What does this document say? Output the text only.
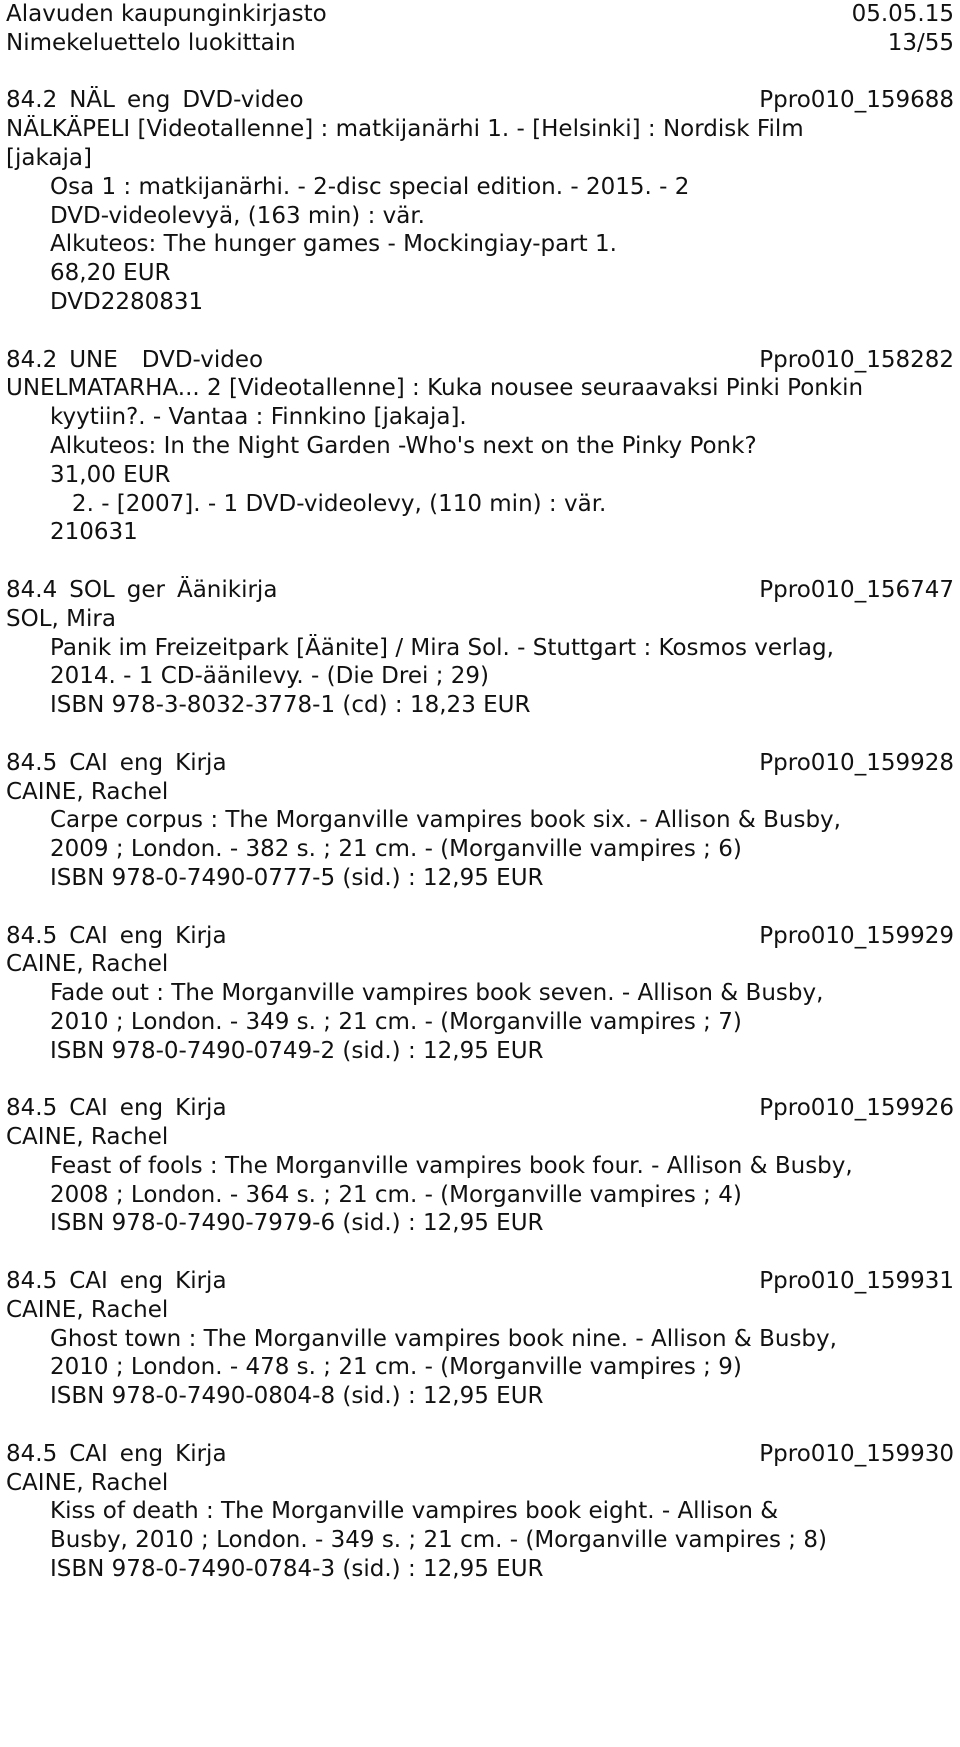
Alavuden kaupunginkirjasto	05.05.15
Nimekeluettelo luokittain	13/55
84.2 NÄL eng DVD-video	Ppro010_159688
NÄLKÄPELI [Videotallenne] : matkijanärhi 1. - [Helsinki] : Nordisk Film
[jakaja]
Osa 1 : matkijanärhi. - 2-disc special edition. - 2015. - 2
DVD-videolevyä, (163 min) : vär.
Alkuteos: The hunger games - Mockingiay-part 1.
68,20 EUR
DVD2280831
84.2 UNE DVD-video	Ppro010_158282
UNELMATARHA... 2 [Videotallenne] : Kuka nousee seuraavaksi Pinki Ponkin
kyytiin?. - Vantaa : Finnkino [jakaja].
Alkuteos: In the Night Garden -Who's next on the Pinky Ponk?
31,00 EUR
2. - [2007]. - 1 DVD-videolevy, (110 min) : vär.
210631
84.4 SOL ger Äänikirja	Ppro010_156747
SOL, Mira
Panik im Freizeitpark [Äänite] / Mira Sol. - Stuttgart : Kosmos verlag,
2014. - 1 CD-äänilevy. - (Die Drei ; 29)
ISBN 978-3-8032-3778-1 (cd) : 18,23 EUR
84.5 CAI eng Kirja	Ppro010_159928
CAINE, Rachel
Carpe corpus : The Morganville vampires book six. - Allison & Busby,
2009 ; London. - 382 s. ; 21 cm. - (Morganville vampires ; 6)
ISBN 978-0-7490-0777-5 (sid.) : 12,95 EUR
84.5 CAI eng Kirja	Ppro010_159929
CAINE, Rachel
Fade out : The Morganville vampires book seven. - Allison & Busby,
2010 ; London. - 349 s. ; 21 cm. - (Morganville vampires ; 7)
ISBN 978-0-7490-0749-2 (sid.) : 12,95 EUR
84.5 CAI eng Kirja	Ppro010_159926
CAINE, Rachel
Feast of fools : The Morganville vampires book four. - Allison & Busby,
2008 ; London. - 364 s. ; 21 cm. - (Morganville vampires ; 4)
ISBN 978-0-7490-7979-6 (sid.) : 12,95 EUR
84.5 CAI eng Kirja	Ppro010_159931
CAINE, Rachel
Ghost town : The Morganville vampires book nine. - Allison & Busby,
2010 ; London. - 478 s. ; 21 cm. - (Morganville vampires ; 9)
ISBN 978-0-7490-0804-8 (sid.) : 12,95 EUR
84.5 CAI eng Kirja	Ppro010_159930
CAINE, Rachel
Kiss of death : The Morganville vampires book eight. - Allison &
Busby, 2010 ; London. - 349 s. ; 21 cm. - (Morganville vampires ; 8)
ISBN 978-0-7490-0784-3 (sid.) : 12,95 EUR
